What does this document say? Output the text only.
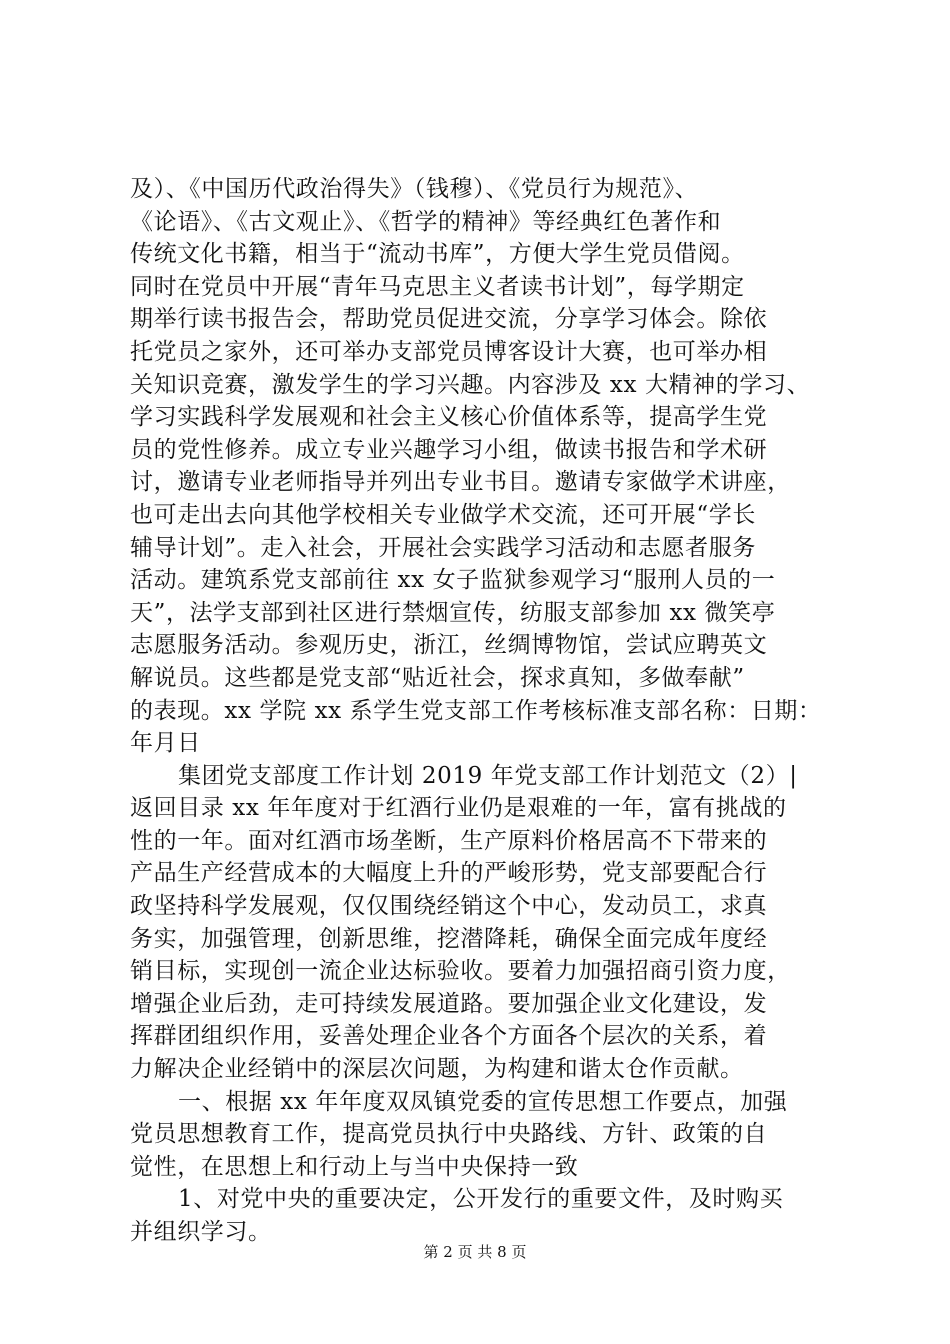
及）、《中国历代政治得失》（钱穆）、《党员行为规范》、
《论语》、《古文观止》、《哲学的精神》等经典红色著作和
传统文化书籍，相当于“流动书库”，方便大学生党员借阅。
同时在党员中开展“青年马克思主义者读书计划”，每学期定
期举行读书报告会，帮助党员促进交流，分享学习体会。除依
托党员之家外，还可举办支部党员博客设计大赛，也可举办相
关知识竞赛，激发学生的学习兴趣。内容涉及 xx 大精神的学习、
学习实践科学发展观和社会主义核心价值体系等，提高学生党
员的党性修养。成立专业兴趣学习小组，做读书报告和学术研
讨，邀请专业老师指导并列出专业书目。邀请专家做学术讲座，
也可走出去向其他学校相关专业做学术交流，还可开展“学长
辅导计划”。走入社会，开展社会实践学习活动和志愿者服务
活动。建筑系党支部前往 xx 女子监狱参观学习“服刑人员的一
天”，法学支部到社区进行禁烟宣传，纺服支部参加 xx 微笑亭
志愿服务活动。参观历史，浙江，丝绸博物馆，尝试应聘英文
解说员。这些都是党支部“贴近社会，探求真知，多做奉献”
的表现。xx 学院 xx 系学生党支部工作考核标准支部名称：日期：
年月日
集团党支部度工作计划 2019 年党支部工作计划范文（2）|
返回目录 xx 年年度对于红酒行业仍是艰难的一年，富有挑战的
性的一年。面对红酒市场垄断，生产原料价格居高不下带来的
产品生产经营成本的大幅度上升的严峻形势，党支部要配合行
政坚持科学发展观，仅仅围绕经销这个中心，发动员工，求真
务实，加强管理，创新思维，挖潜降耗，确保全面完成年度经
销目标，实现创一流企业达标验收。要着力加强招商引资力度，
增强企业后劲，走可持续发展道路。要加强企业文化建设，发
挥群团组织作用，妥善处理企业各个方面各个层次的关系，着
力解决企业经销中的深层次问题，为构建和谐太仓作贡献。
一、根据 xx 年年度双凤镇党委的宣传思想工作要点，加强
党员思想教育工作，提高党员执行中央路线、方针、政策的自
觉性，在思想上和行动上与当中央保持一致
1、对党中央的重要决定，公开发行的重要文件，及时购买
并组织学习。
第 2 页 共 8 页
